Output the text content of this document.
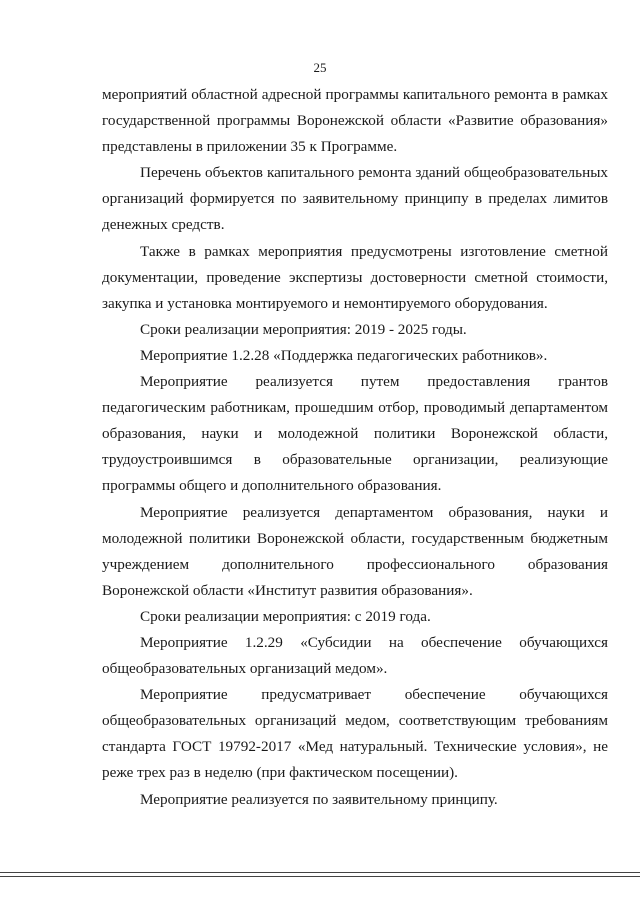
25

мероприятий областной адресной программы капитального ремонта в рамках государственной программы Воронежской области «Развитие образования» представлены в приложении 35 к Программе.

Перечень объектов капитального ремонта зданий общеобразовательных организаций формируется по заявительному принципу в пределах лимитов денежных средств.

Также в рамках мероприятия предусмотрены изготовление сметной документации, проведение экспертизы достоверности сметной стоимости, закупка и установка монтируемого и немонтируемого оборудования.

Сроки реализации мероприятия: 2019 - 2025 годы.

Мероприятие 1.2.28 «Поддержка педагогических работников».

Мероприятие реализуется путем предоставления грантов педагогическим работникам, прошедшим отбор, проводимый департаментом образования, науки и молодежной политики Воронежской области, трудоустроившимся в образовательные организации, реализующие программы общего и дополнительного образования.

Мероприятие реализуется департаментом образования, науки и молодежной политики Воронежской области, государственным бюджетным учреждением дополнительного профессионального образования Воронежской области «Институт развития образования».

Сроки реализации мероприятия: с 2019 года.

Мероприятие 1.2.29 «Субсидии на обеспечение обучающихся общеобразовательных организаций медом».

Мероприятие предусматривает обеспечение обучающихся общеобразовательных организаций медом, соответствующим требованиям стандарта ГОСТ 19792-2017 «Мед натуральный. Технические условия», не реже трех раз в неделю (при фактическом посещении).

Мероприятие реализуется по заявительному принципу.
